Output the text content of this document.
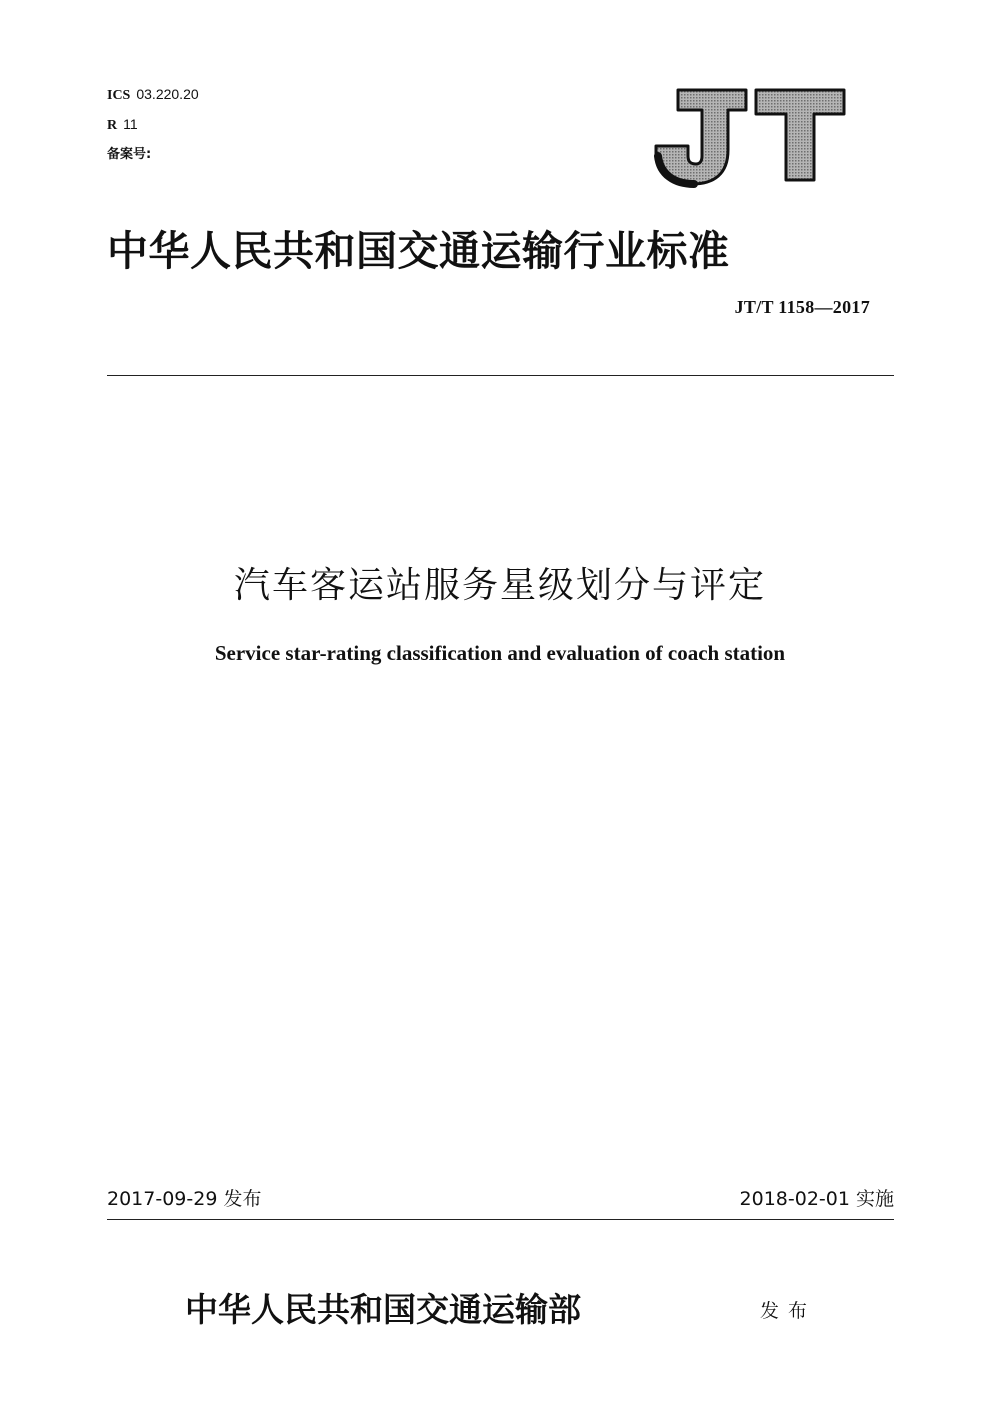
ICS 03.220.20
R 11
备案号:
中华人民共和国交通运输行业标准
JT/T 1158—2017
汽车客运站服务星级划分与评定
Service star-rating classification and evaluation of coach station
2017-09-29 发布	2018-02-01 实施
中华人民共和国交通运输部	发布
